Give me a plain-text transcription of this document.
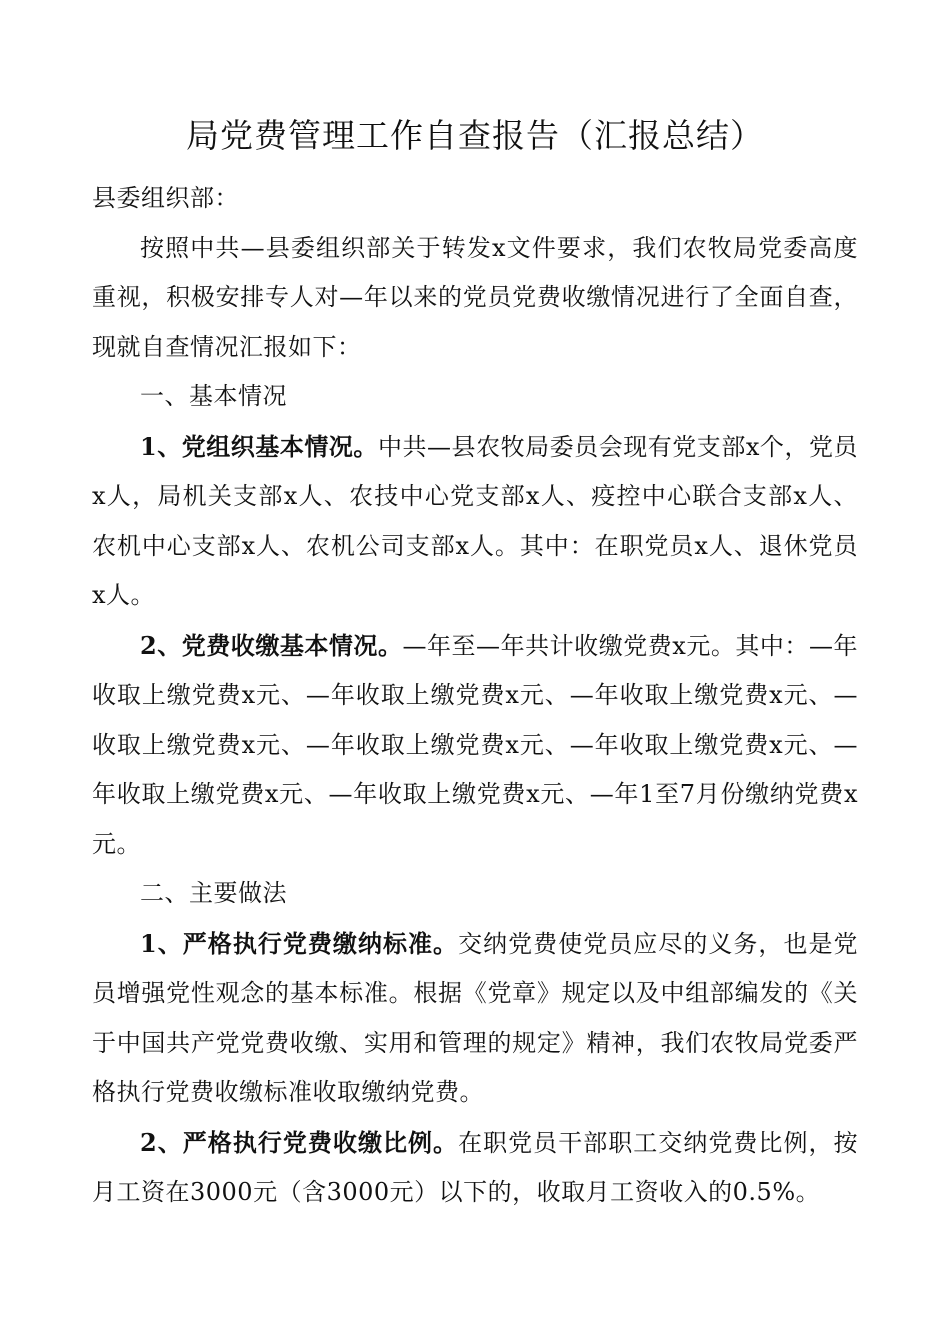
局党费管理工作自查报告（汇报总结）

县委组织部：

按照中共—县委组织部关于转发x文件要求，我们农牧局党委高度重视，积极安排专人对—年以来的党员党费收缴情况进行了全面自查，现就自查情况汇报如下：

一、基本情况

1、党组织基本情况。中共—县农牧局委员会现有党支部x个，党员x人，局机关支部x人、农技中心党支部x人、疫控中心联合支部x人、农机中心支部x人、农机公司支部x人。其中：在职党员x人、退休党员x人。

2、党费收缴基本情况。—年至—年共计收缴党费x元。其中：—年收取上缴党费x元、—年收取上缴党费x元、—年收取上缴党费x元、—收取上缴党费x元、—年收取上缴党费x元、—年收取上缴党费x元、—年收取上缴党费x元、—年收取上缴党费x元、—年1至7月份缴纳党费x元。

二、主要做法

1、严格执行党费缴纳标准。交纳党费使党员应尽的义务，也是党员增强党性观念的基本标准。根据《党章》规定以及中组部编发的《关于中国共产党党费收缴、实用和管理的规定》精神，我们农牧局党委严格执行党费收缴标准收取缴纳党费。

2、严格执行党费收缴比例。在职党员干部职工交纳党费比例，按月工资在3000元（含3000元）以下的，收取月工资收入的0.5%。
